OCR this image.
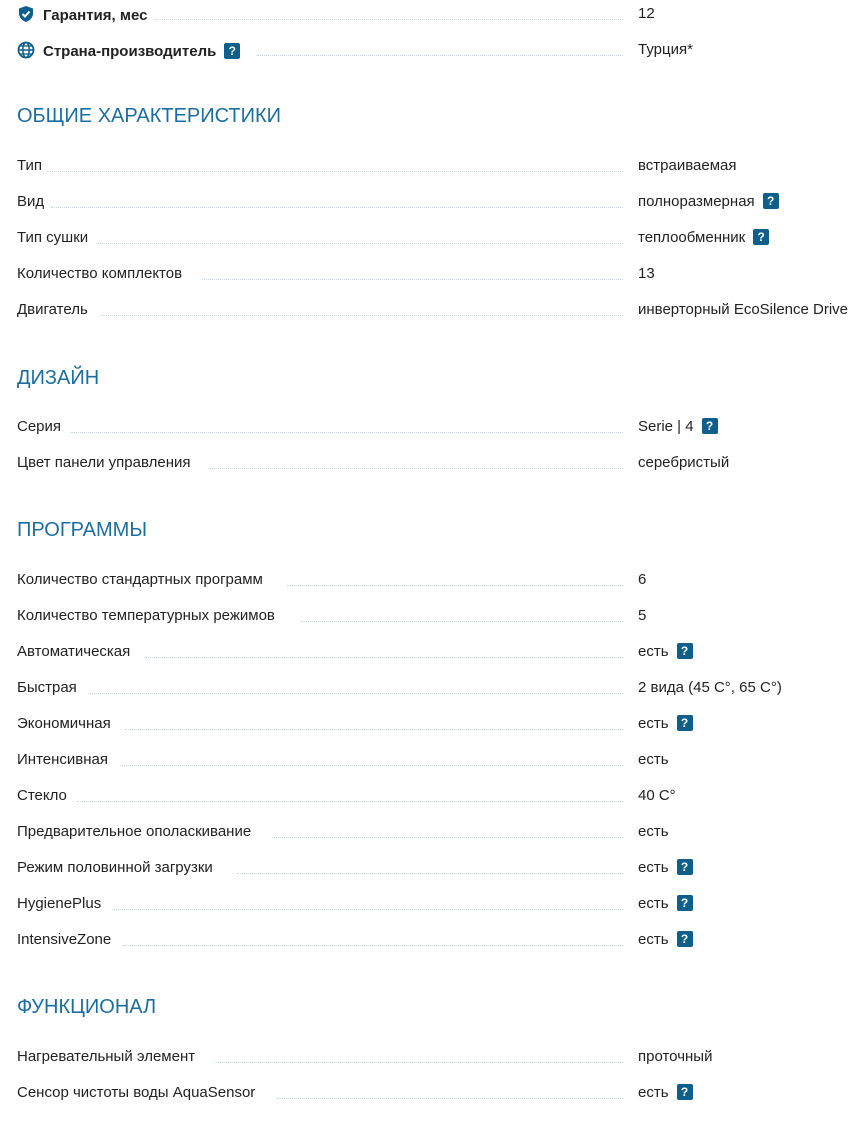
Гарантия, мес	12
Страна-производитель ?	Турция*
ОБЩИЕ ХАРАКТЕРИСТИКИ
Тип	встраиваемая
Вид	полноразмерная ?
Тип сушки	теплообменник ?
Количество комплектов	13
Двигатель	инверторный EcoSilence Drive
ДИЗАЙН
Серия	Serie | 4 ?
Цвет панели управления	серебристый
ПРОГРАММЫ
Количество стандартных программ	6
Количество температурных режимов	5
Автоматическая	есть ?
Быстрая	2 вида (45 С°, 65 С°)
Экономичная	есть ?
Интенсивная	есть
Стекло	40 С°
Предварительное ополаскивание	есть
Режим половинной загрузки	есть ?
HygienePlus	есть ?
IntensiveZone	есть ?
ФУНКЦИОНАЛ
Нагревательный элемент	проточный
Сенсор чистоты воды AquaSensor	есть ?
